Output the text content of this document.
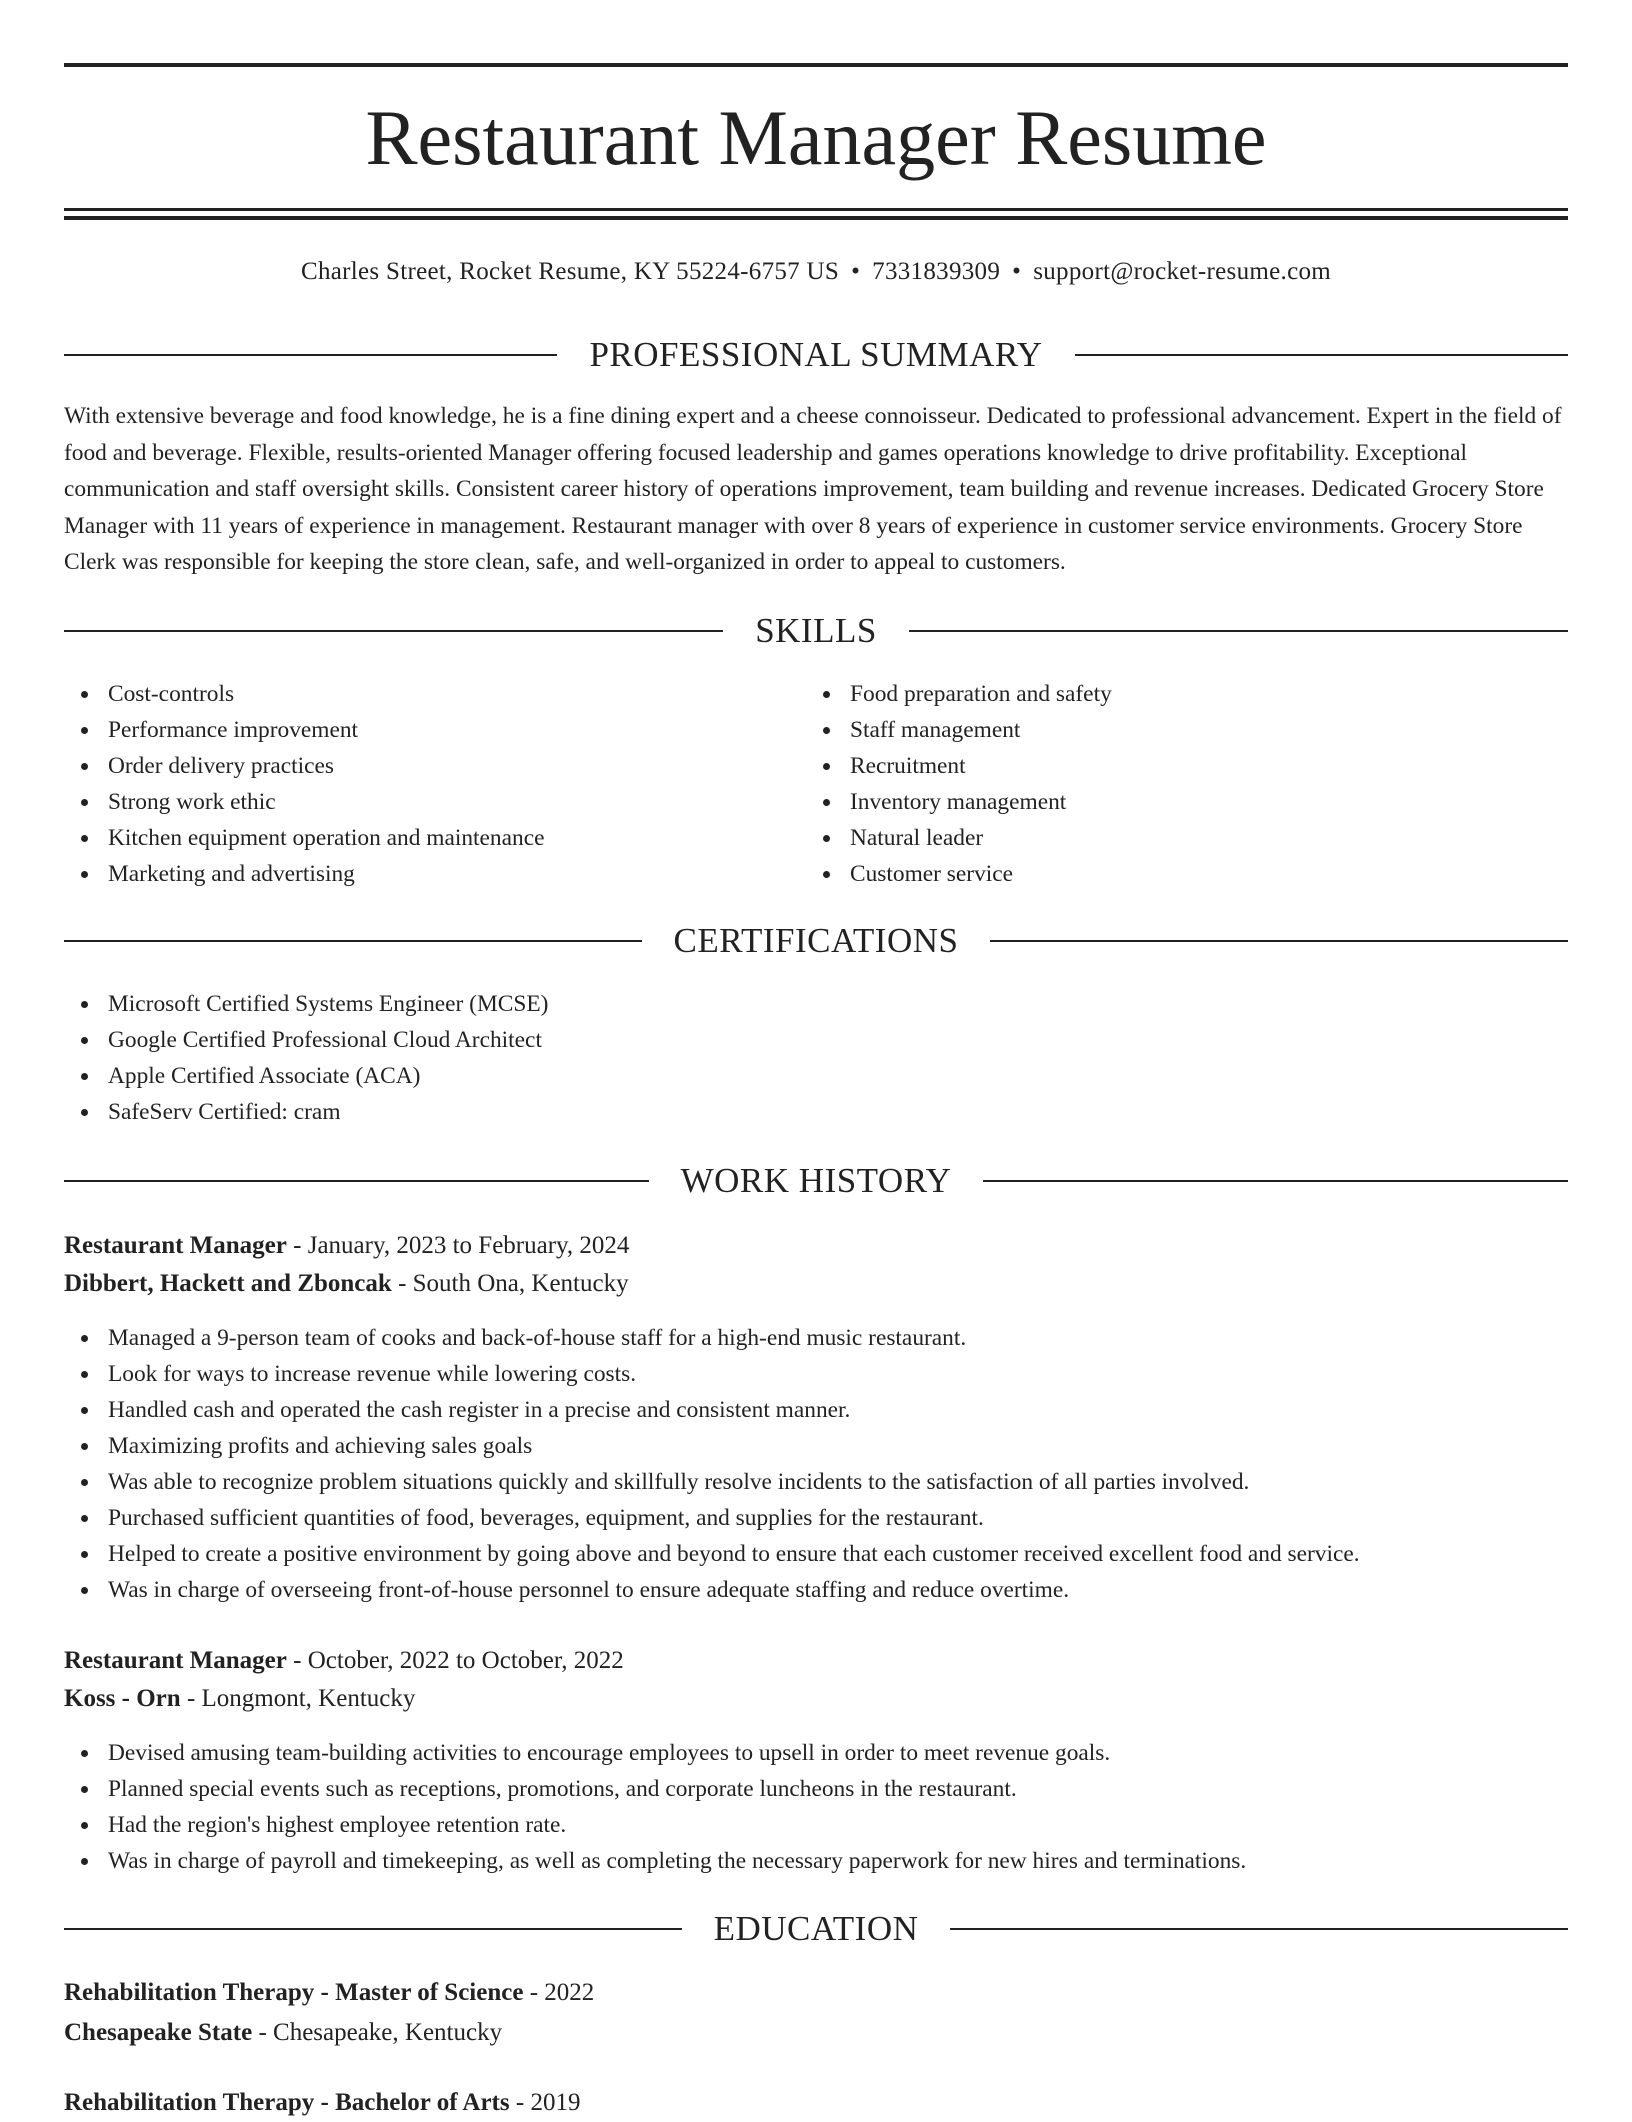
Restaurant Manager Resume
Charles Street, Rocket Resume, KY 55224-6757 US • 7331839309 • support@rocket-resume.com
PROFESSIONAL SUMMARY

With extensive beverage and food knowledge, he is a fine dining expert and a cheese connoisseur. Dedicated to professional advancement. Expert in the field of food and beverage. Flexible, results-oriented Manager offering focused leadership and games operations knowledge to drive profitability. Exceptional communication and staff oversight skills. Consistent career history of operations improvement, team building and revenue increases. Dedicated Grocery Store Manager with 11 years of experience in management. Restaurant manager with over 8 years of experience in customer service environments. Grocery Store Clerk was responsible for keeping the store clean, safe, and well-organized in order to appeal to customers.

SKILLS
Cost-controls
Performance improvement
Order delivery practices
Strong work ethic
Kitchen equipment operation and maintenance
Marketing and advertising
Food preparation and safety
Staff management
Recruitment
Inventory management
Natural leader
Customer service
CERTIFICATIONS
Microsoft Certified Systems Engineer (MCSE)
Google Certified Professional Cloud Architect
Apple Certified Associate (ACA)
SafeServ Certified: cram
WORK HISTORY
Restaurant Manager - January, 2023 to February, 2024
Dibbert, Hackett and Zboncak - South Ona, Kentucky
Managed a 9-person team of cooks and back-of-house staff for a high-end music restaurant.
Look for ways to increase revenue while lowering costs.
Handled cash and operated the cash register in a precise and consistent manner.
Maximizing profits and achieving sales goals
Was able to recognize problem situations quickly and skillfully resolve incidents to the satisfaction of all parties involved.
Purchased sufficient quantities of food, beverages, equipment, and supplies for the restaurant.
Helped to create a positive environment by going above and beyond to ensure that each customer received excellent food and service.
Was in charge of overseeing front-of-house personnel to ensure adequate staffing and reduce overtime.
Restaurant Manager - October, 2022 to October, 2022
Koss - Orn - Longmont, Kentucky
Devised amusing team-building activities to encourage employees to upsell in order to meet revenue goals.
Planned special events such as receptions, promotions, and corporate luncheons in the restaurant.
Had the region's highest employee retention rate.
Was in charge of payroll and timekeeping, as well as completing the necessary paperwork for new hires and terminations.
EDUCATION
Rehabilitation Therapy - Master of Science - 2022
Chesapeake State - Chesapeake, Kentucky
Rehabilitation Therapy - Bachelor of Arts - 2019
